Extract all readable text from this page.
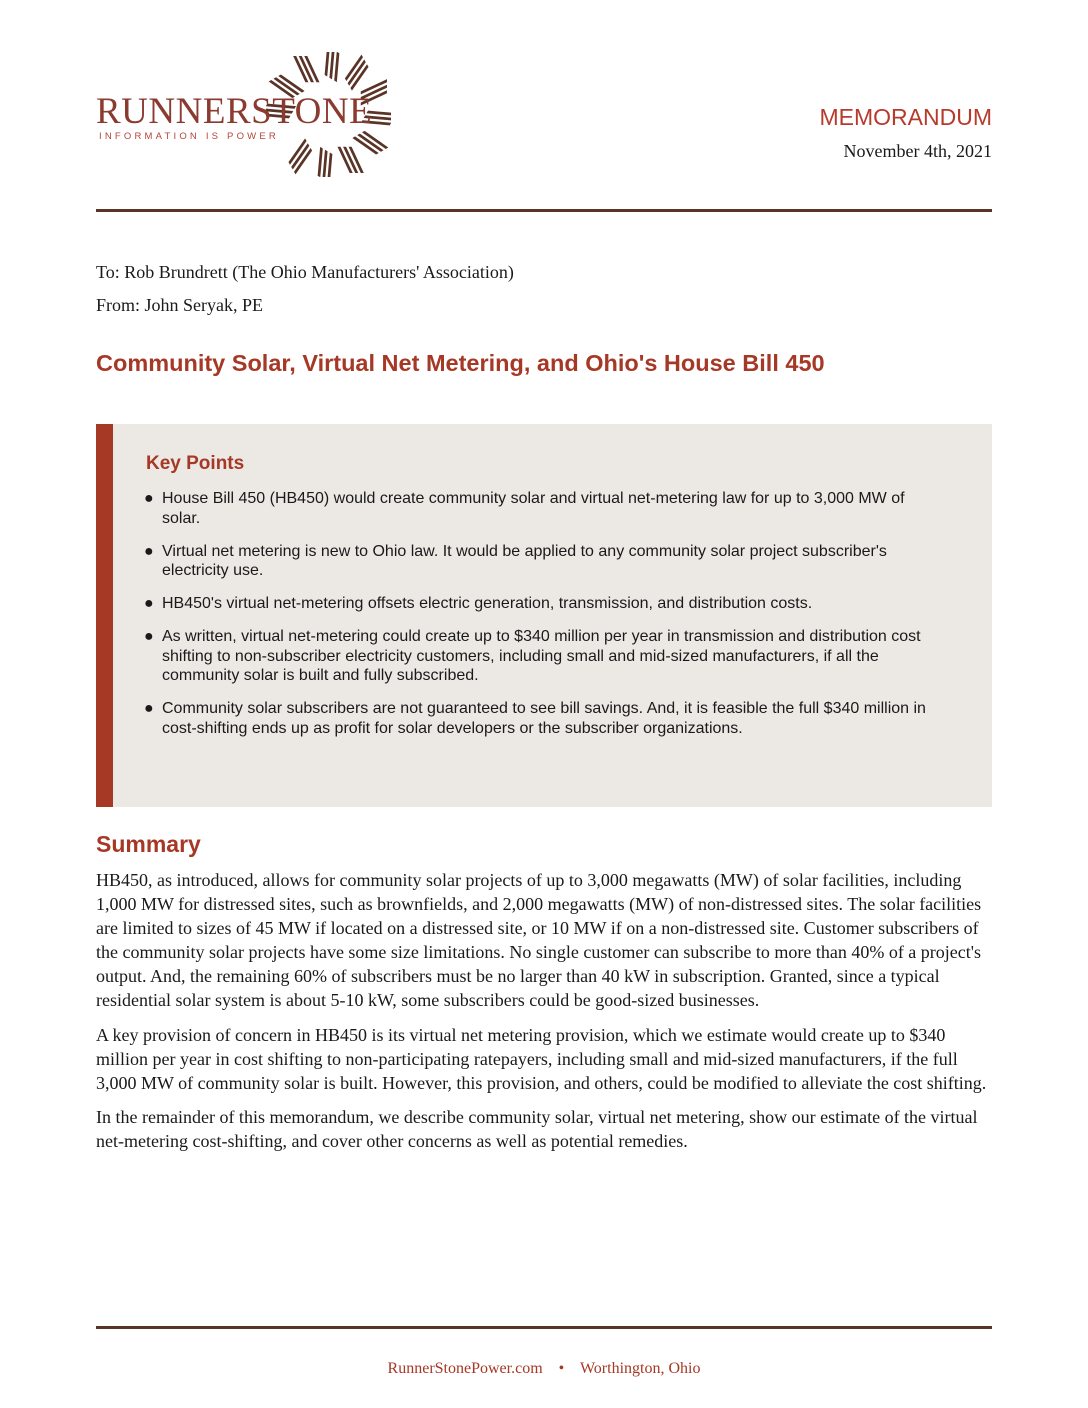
RUNNERSTONE
INFORMATION IS POWER
MEMORANDUM
November 4th, 2021
To: Rob Brundrett (The Ohio Manufacturers' Association)
From: John Seryak, PE
Community Solar, Virtual Net Metering, and Ohio's House Bill 450
Key Points
● House Bill 450 (HB450) would create community solar and virtual net-metering law for up to 3,000 MW of solar.
● Virtual net metering is new to Ohio law. It would be applied to any community solar project subscriber's electricity use.
● HB450's virtual net-metering offsets electric generation, transmission, and distribution costs.
● As written, virtual net-metering could create up to $340 million per year in transmission and distribution cost shifting to non-subscriber electricity customers, including small and mid-sized manufacturers, if all the community solar is built and fully subscribed.
● Community solar subscribers are not guaranteed to see bill savings. And, it is feasible the full $340 million in cost-shifting ends up as profit for solar developers or the subscriber organizations.
Summary

HB450, as introduced, allows for community solar projects of up to 3,000 megawatts (MW) of solar facilities, including 1,000 MW for distressed sites, such as brownfields, and 2,000 megawatts (MW) of non-distressed sites. The solar facilities are limited to sizes of 45 MW if located on a distressed site, or 10 MW if on a non-distressed site. Customer subscribers of the community solar projects have some size limitations. No single customer can subscribe to more than 40% of a project's output. And, the remaining 60% of subscribers must be no larger than 40 kW in subscription. Granted, since a typical residential solar system is about 5-10 kW, some subscribers could be good-sized businesses.

A key provision of concern in HB450 is its virtual net metering provision, which we estimate would create up to $340 million per year in cost shifting to non-participating ratepayers, including small and mid-sized manufacturers, if the full 3,000 MW of community solar is built. However, this provision, and others, could be modified to alleviate the cost shifting.

In the remainder of this memorandum, we describe community solar, virtual net metering, show our estimate of the virtual net-metering cost-shifting, and cover other concerns as well as potential remedies.

RunnerStonePower.com • Worthington, Ohio
